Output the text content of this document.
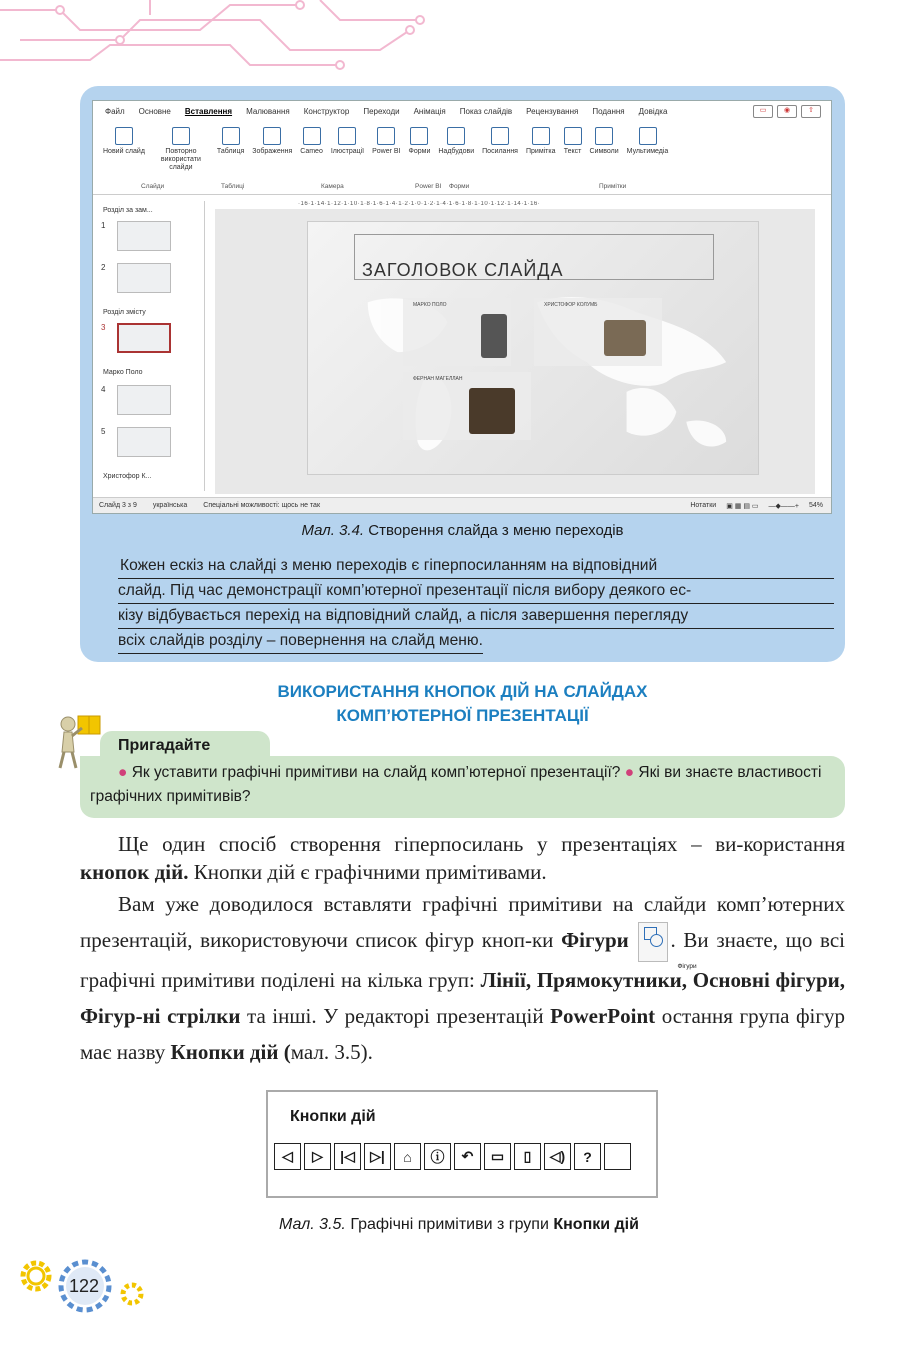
Файл Основне Вставлення Малювання Конструктор Переходи Анімація Показ слайдів Рецензування Подання Довідка	▭	◉	⇧
Новий слайд	Повторно використати слайди
Таблиця Зображення Cameo Ілюстрації Power BI Форми Надбудови Посилання Примітка Текст Символи Мультимедіа
Слайди	Таблиці	Камера	Power BI Форми	Примітки
Розділ за зам...
1
2
Розділ змісту
3
Марко Поло
4
5
Христофор К...
·16·1·14·1·12·1·10·1·8·1·6·1·4·1·2·1·0·1·2·1·4·1·6·1·8·1·10·1·12·1·14·1·16·
ЗАГОЛОВОК СЛАЙДА
МАРКО ПОЛО	ХРИСТОФОР КОЛУМБ
ФЕРНАН МАГЕЛЛАН
Слайд 3 з 9 українська Спеціальні можливості: щось не так	Нотатки ▣ ▦ ▤ ▭ —◆——+ 54%
Мал. 3.4. Створення слайда з меню переходів
Кожен ескіз на слайді з меню переходів є гіперпосиланням на відповідний
слайд. Під час демонстрації комп’ютерної презентації після вибору деякого ес-
кізу відбувається перехід на відповідний слайд, а після завершення перегляду
всіх слайдів розділу – повернення на слайд меню.
ВИКОРИСТАННЯ КНОПОК ДІЙ НА СЛАЙДАХ
КОМП’ЮТЕРНОЇ ПРЕЗЕНТАЦІЇ
Пригадайте
● Як уставити графічні примітиви на слайд комп’ютерної презентації? ● Які ви знаєте властивості графічних примітивів?

Ще один спосіб створення гіперпосилань у презентаціях – ви-користання кнопок дій. Кнопки дій є графічними примітивами.

Вам уже доводилося вставляти графічні примітиви на слайди комп’ютерних презентацій, використовуючи список фігур кноп-ки Фігури
Фігури
. Ви знаєте, що всі графічні примітиви поділені на кілька груп: Лінії, Прямокутники, Основні фігури, Фігур-ні стрілки та інші. У редакторі презентацій PowerPoint остання група фігур має назву Кнопки дій (мал. 3.5).

Кнопки дій
◁	▷	|◁	▷|	⌂	ⓘ	↶	▭	▯	◁)	?
Мал. 3.5. Графічні примітиви з групи Кнопки дій
122
